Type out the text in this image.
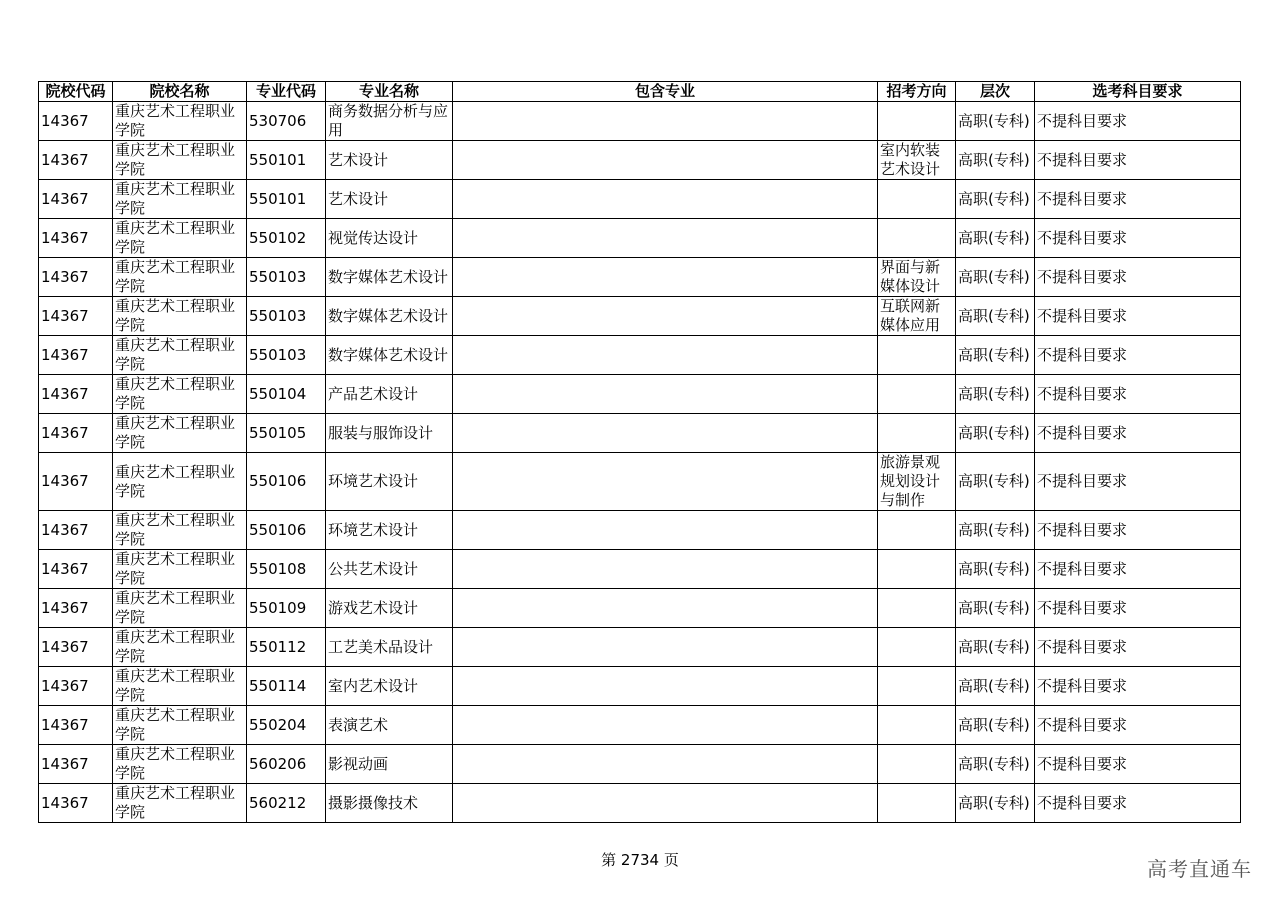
院校代码	院校名称	专业代码	专业名称	包含专业	招考方向	层次	选考科目要求
14367	重庆艺术工程职业学院	530706	商务数据分析与应用			高职(专科)	不提科目要求
14367	重庆艺术工程职业学院	550101	艺术设计		室内软装艺术设计	高职(专科)	不提科目要求
14367	重庆艺术工程职业学院	550101	艺术设计			高职(专科)	不提科目要求
14367	重庆艺术工程职业学院	550102	视觉传达设计			高职(专科)	不提科目要求
14367	重庆艺术工程职业学院	550103	数字媒体艺术设计		界面与新媒体设计	高职(专科)	不提科目要求
14367	重庆艺术工程职业学院	550103	数字媒体艺术设计		互联网新媒体应用	高职(专科)	不提科目要求
14367	重庆艺术工程职业学院	550103	数字媒体艺术设计			高职(专科)	不提科目要求
14367	重庆艺术工程职业学院	550104	产品艺术设计			高职(专科)	不提科目要求
14367	重庆艺术工程职业学院	550105	服装与服饰设计			高职(专科)	不提科目要求
14367	重庆艺术工程职业学院	550106	环境艺术设计		旅游景观规划设计与制作	高职(专科)	不提科目要求
14367	重庆艺术工程职业学院	550106	环境艺术设计			高职(专科)	不提科目要求
14367	重庆艺术工程职业学院	550108	公共艺术设计			高职(专科)	不提科目要求
14367	重庆艺术工程职业学院	550109	游戏艺术设计			高职(专科)	不提科目要求
14367	重庆艺术工程职业学院	550112	工艺美术品设计			高职(专科)	不提科目要求
14367	重庆艺术工程职业学院	550114	室内艺术设计			高职(专科)	不提科目要求
14367	重庆艺术工程职业学院	550204	表演艺术			高职(专科)	不提科目要求
14367	重庆艺术工程职业学院	560206	影视动画			高职(专科)	不提科目要求
14367	重庆艺术工程职业学院	560212	摄影摄像技术			高职(专科)	不提科目要求
第 2734 页	高考直通车
